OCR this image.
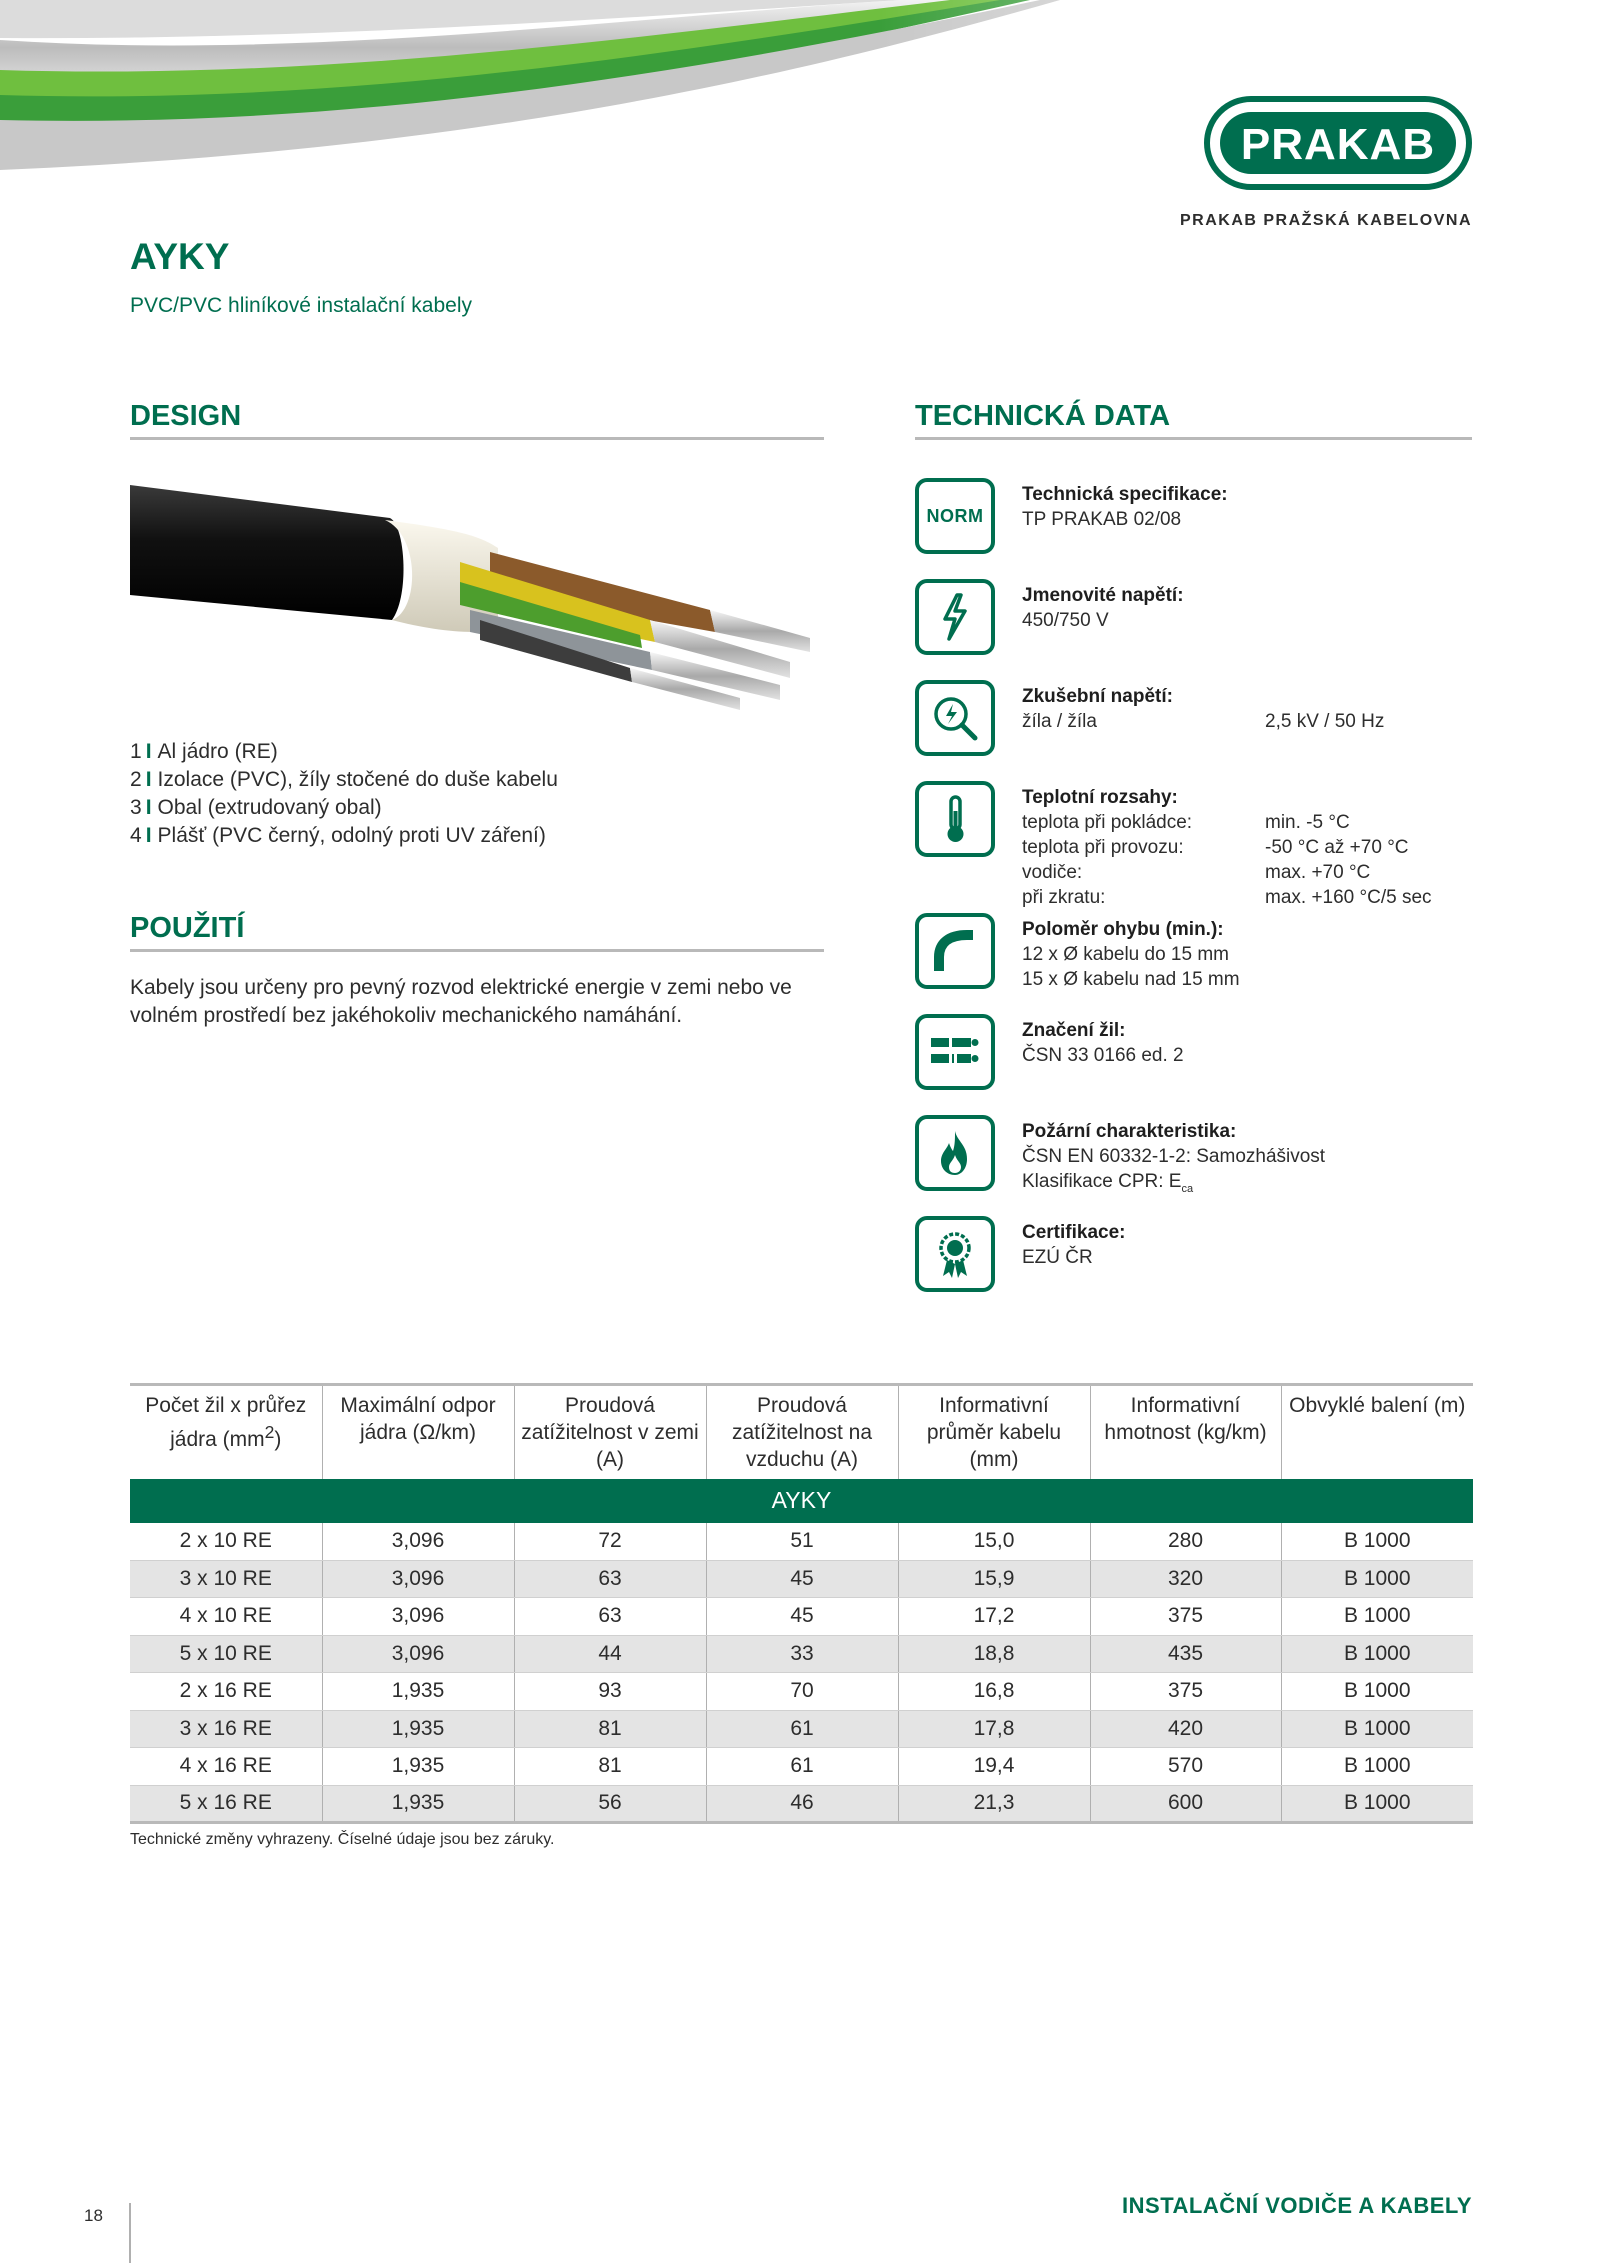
PRAKAB
PRAKAB PRAŽSKÁ KABELOVNA
AYKY
PVC/PVC hliníkové instalační kabely
DESIGN
1 I Al jádro (RE)
2 I Izolace (PVC), žíly stočené do duše kabelu
3 I Obal (extrudovaný obal)
4 I Plášť (PVC černý, odolný proti UV záření)
POUŽITÍ

Kabely jsou určeny pro pevný rozvod elektrické energie v zemi nebo ve volném prostředí bez jakéhokoliv mechanického namáhání.

TECHNICKÁ DATA
NORM
Technická specifikace:
TP PRAKAB 02/08
Jmenovité napětí:
450/750 V
Zkušební napětí:
žíla / žíla	2,5 kV / 50 Hz
Teplotní rozsahy:
teplota při pokládce:	min. -5 °C
teplota při provozu:	-50 °C až +70 °C
vodiče:	max. +70 °C
při zkratu:	max. +160 °C/5 sec
Poloměr ohybu (min.):
12 x Ø kabelu do 15 mm
15 x Ø kabelu nad 15 mm
Značení žil:
ČSN 33 0166 ed. 2
Požární charakteristika:
ČSN EN 60332-1-2: Samozhášivost
Klasifikace CPR: $E_{ca}$
Certifikace:
EZÚ ČR
Počet žil x průřez jádra $(mm^2)$	Maximální odpor jádra (Ω/km)	Proudová zatížitelnost v zemi (A)	Proudová zatížitelnost na vzduchu (A)	Informativní průměr kabelu (mm)	Informativní hmotnost (kg/km)	Obvyklé balení (m)
AYKY						
2 x 10 RE	3,096	72	51	15,0	280	B 1000
3 x 10 RE	3,096	63	45	15,9	320	B 1000
4 x 10 RE	3,096	63	45	17,2	375	B 1000
5 x 10 RE	3,096	44	33	18,8	435	B 1000
2 x 16 RE	1,935	93	70	16,8	375	B 1000
3 x 16 RE	1,935	81	61	17,8	420	B 1000
4 x 16 RE	1,935	81	61	19,4	570	B 1000
5 x 16 RE	1,935	56	46	21,3	600	B 1000
Technické změny vyhrazeny. Číselné údaje jsou bez záruky.
18	INSTALAČNÍ VODIČE A KABELY
